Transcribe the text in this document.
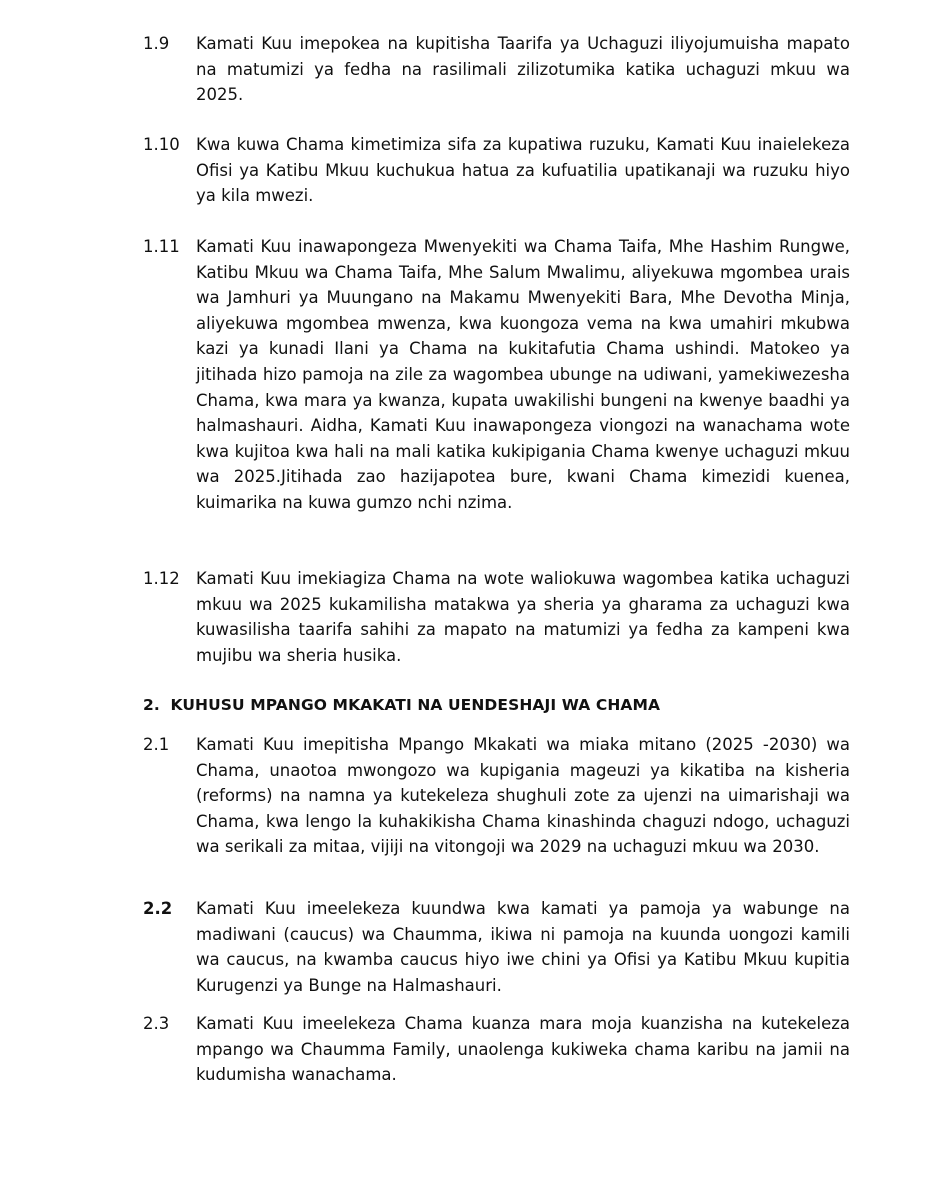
1.9	Kamati Kuu imepokea na kupitisha Taarifa ya Uchaguzi iliyojumuisha mapato na matumizi ya fedha na rasilimali zilizotumika katika uchaguzi mkuu wa 2025.
1.10 Kwa kuwa Chama kimetimiza sifa za kupatiwa ruzuku, Kamati Kuu inaielekeza Ofisi ya Katibu Mkuu kuchukua hatua za kufuatilia upatikanaji wa ruzuku hiyo ya kila mwezi.
1.11 Kamati Kuu inawapongeza Mwenyekiti wa Chama Taifa, Mhe Hashim Rungwe, Katibu Mkuu wa Chama Taifa, Mhe Salum Mwalimu, aliyekuwa mgombea urais wa Jamhuri ya Muungano na Makamu Mwenyekiti Bara, Mhe Devotha Minja, aliyekuwa mgombea mwenza, kwa kuongoza vema na kwa umahiri mkubwa kazi ya kunadi Ilani ya Chama na kukitafutia Chama ushindi. Matokeo ya jitihada hizo pamoja na zile za wagombea ubunge na udiwani, yamekiwezesha Chama, kwa mara ya kwanza, kupata uwakilishi bungeni na kwenye baadhi ya halmashauri. Aidha, Kamati Kuu inawapongeza viongozi na wanachama wote kwa kujitoa kwa hali na mali katika kukipigania Chama kwenye uchaguzi mkuu wa 2025.Jitihada zao hazijapotea bure, kwani Chama kimezidi kuenea, kuimarika na kuwa gumzo nchi nzima.
1.12 Kamati Kuu imekiagiza Chama na wote waliokuwa wagombea katika uchaguzi mkuu wa 2025 kukamilisha matakwa ya sheria ya gharama za uchaguzi kwa kuwasilisha taarifa sahihi za mapato na matumizi ya fedha za kampeni kwa mujibu wa sheria husika.
2. KUHUSU MPANGO MKAKATI NA UENDESHAJI WA CHAMA
2.1	Kamati Kuu imepitisha Mpango Mkakati wa miaka mitano (2025 -2030) wa Chama, unaotoa mwongozo wa kupigania mageuzi ya kikatiba na kisheria (reforms) na namna ya kutekeleza shughuli zote za ujenzi na uimarishaji wa Chama, kwa lengo la kuhakikisha Chama kinashinda chaguzi ndogo, uchaguzi wa serikali za mitaa, vijiji na vitongoji wa 2029 na uchaguzi mkuu wa 2030.
2.2	Kamati Kuu imeelekeza kuundwa kwa kamati ya pamoja ya wabunge na madiwani (caucus) wa Chaumma, ikiwa ni pamoja na kuunda uongozi kamili wa caucus, na kwamba caucus hiyo iwe chini ya Ofisi ya Katibu Mkuu kupitia Kurugenzi ya Bunge na Halmashauri.
2.3	Kamati Kuu imeelekeza Chama kuanza mara moja kuanzisha na kutekeleza mpango wa Chaumma Family, unaolenga kukiweka chama karibu na jamii na kudumisha wanachama.
